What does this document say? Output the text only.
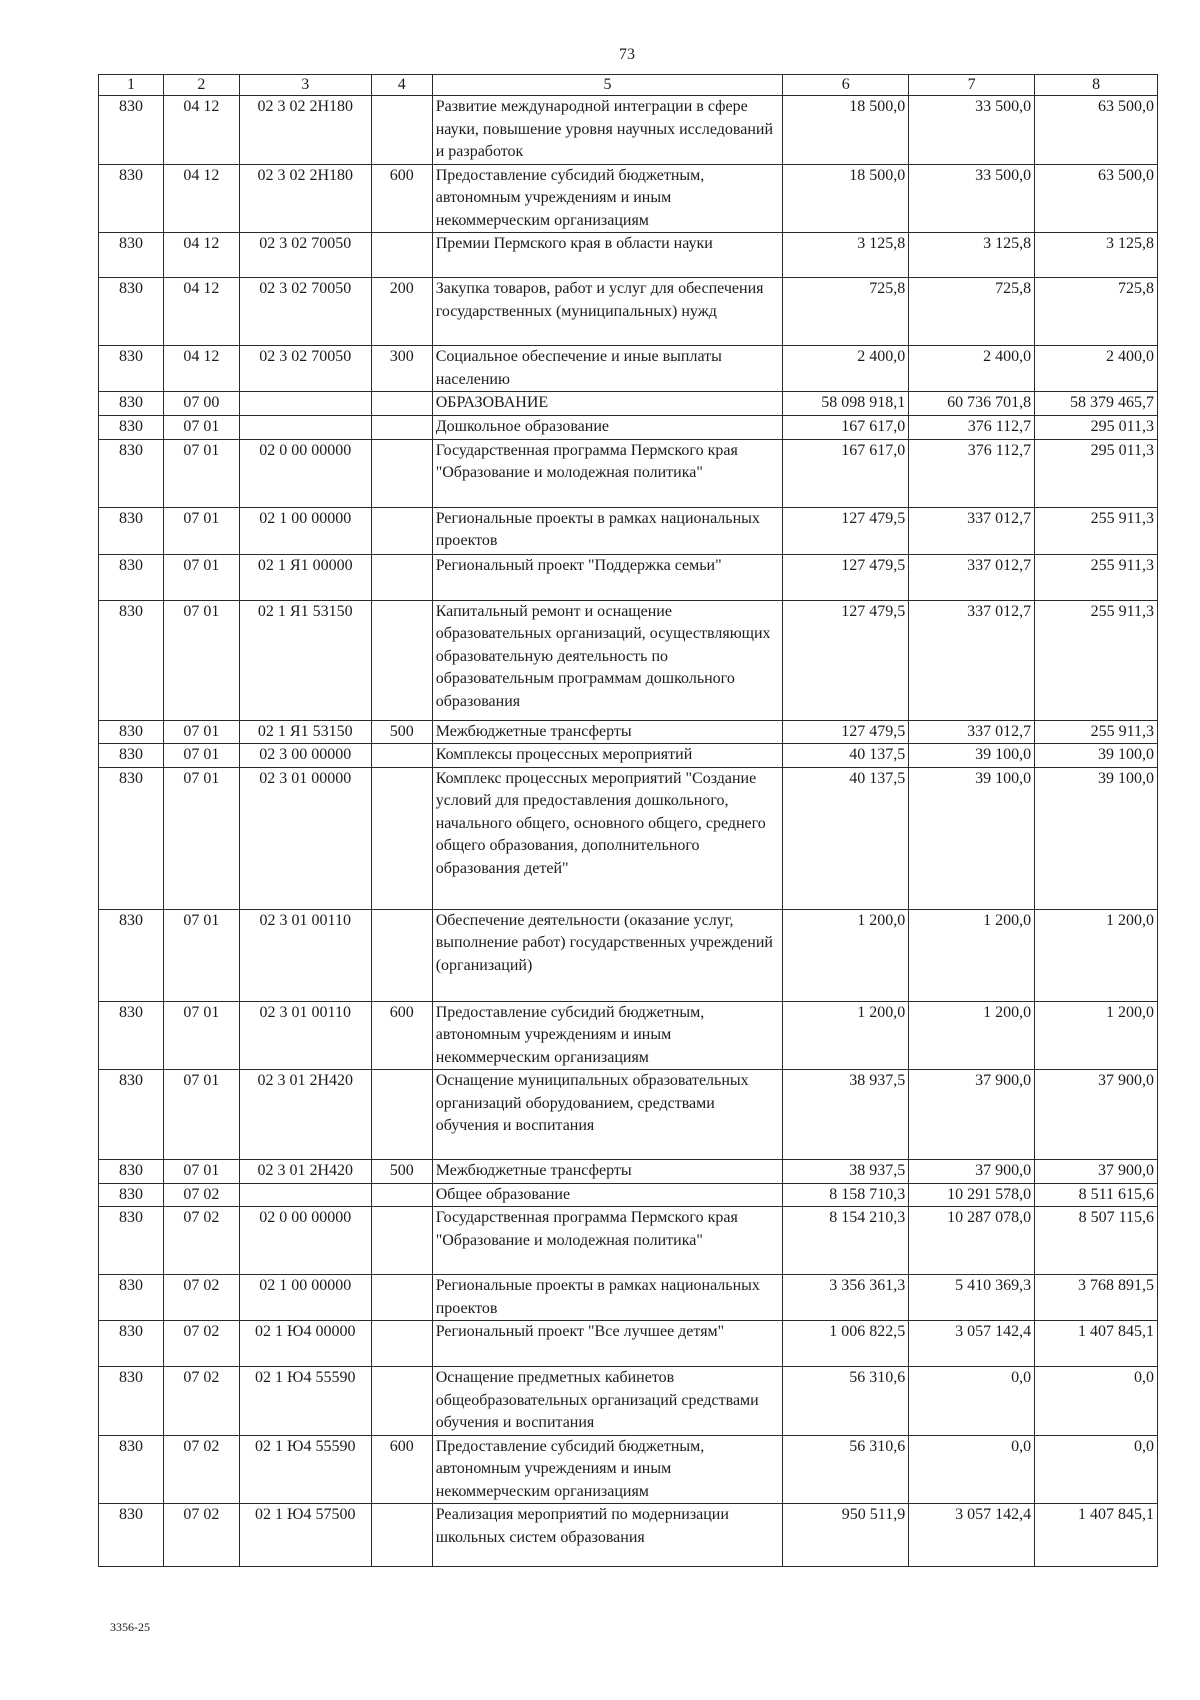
73
1	2	3	4	5	6	7	8
830	04 12	02 3 02 2Н180		Развитие международной интеграции в сфере науки, повышение уровня научных исследований и разработок	18 500,0	33 500,0	63 500,0
830	04 12	02 3 02 2Н180	600	Предоставление субсидий бюджетным, автономным учреждениям и иным некоммерческим организациям	18 500,0	33 500,0	63 500,0
830	04 12	02 3 02 70050		Премии Пермского края в области науки	3 125,8	3 125,8	3 125,8
830	04 12	02 3 02 70050	200	Закупка товаров, работ и услуг для обеспечения государственных (муниципальных) нужд	725,8	725,8	725,8
830	04 12	02 3 02 70050	300	Социальное обеспечение и иные выплаты населению	2 400,0	2 400,0	2 400,0
830	07 00			ОБРАЗОВАНИЕ	58 098 918,1	60 736 701,8	58 379 465,7
830	07 01			Дошкольное образование	167 617,0	376 112,7	295 011,3
830	07 01	02 0 00 00000		Государственная программа Пермского края "Образование и молодежная политика"	167 617,0	376 112,7	295 011,3
830	07 01	02 1 00 00000		Региональные проекты в рамках национальных проектов	127 479,5	337 012,7	255 911,3
830	07 01	02 1 Я1 00000		Региональный проект "Поддержка семьи"	127 479,5	337 012,7	255 911,3
830	07 01	02 1 Я1 53150		Капитальный ремонт и оснащение образовательных организаций, осуществляющих образовательную деятельность по образовательным программам дошкольного образования	127 479,5	337 012,7	255 911,3
830	07 01	02 1 Я1 53150	500	Межбюджетные трансферты	127 479,5	337 012,7	255 911,3
830	07 01	02 3 00 00000		Комплексы процессных мероприятий	40 137,5	39 100,0	39 100,0
830	07 01	02 3 01 00000		Комплекс процессных мероприятий "Создание условий для предоставления дошкольного, начального общего, основного общего, среднего общего образования, дополнительного образования детей"	40 137,5	39 100,0	39 100,0
830	07 01	02 3 01 00110		Обеспечение деятельности (оказание услуг, выполнение работ) государственных учреждений (организаций)	1 200,0	1 200,0	1 200,0
830	07 01	02 3 01 00110	600	Предоставление субсидий бюджетным, автономным учреждениям и иным некоммерческим организациям	1 200,0	1 200,0	1 200,0
830	07 01	02 3 01 2Н420		Оснащение муниципальных образовательных организаций оборудованием, средствами обучения и воспитания	38 937,5	37 900,0	37 900,0
830	07 01	02 3 01 2Н420	500	Межбюджетные трансферты	38 937,5	37 900,0	37 900,0
830	07 02			Общее образование	8 158 710,3	10 291 578,0	8 511 615,6
830	07 02	02 0 00 00000		Государственная программа Пермского края "Образование и молодежная политика"	8 154 210,3	10 287 078,0	8 507 115,6
830	07 02	02 1 00 00000		Региональные проекты в рамках национальных проектов	3 356 361,3	5 410 369,3	3 768 891,5
830	07 02	02 1 Ю4 00000		Региональный проект "Все лучшее детям"	1 006 822,5	3 057 142,4	1 407 845,1
830	07 02	02 1 Ю4 55590		Оснащение предметных кабинетов общеобразовательных организаций средствами обучения и воспитания	56 310,6	0,0	0,0
830	07 02	02 1 Ю4 55590	600	Предоставление субсидий бюджетным, автономным учреждениям и иным некоммерческим организациям	56 310,6	0,0	0,0
830	07 02	02 1 Ю4 57500		Реализация мероприятий по модернизации школьных систем образования	950 511,9	3 057 142,4	1 407 845,1
3356-25
